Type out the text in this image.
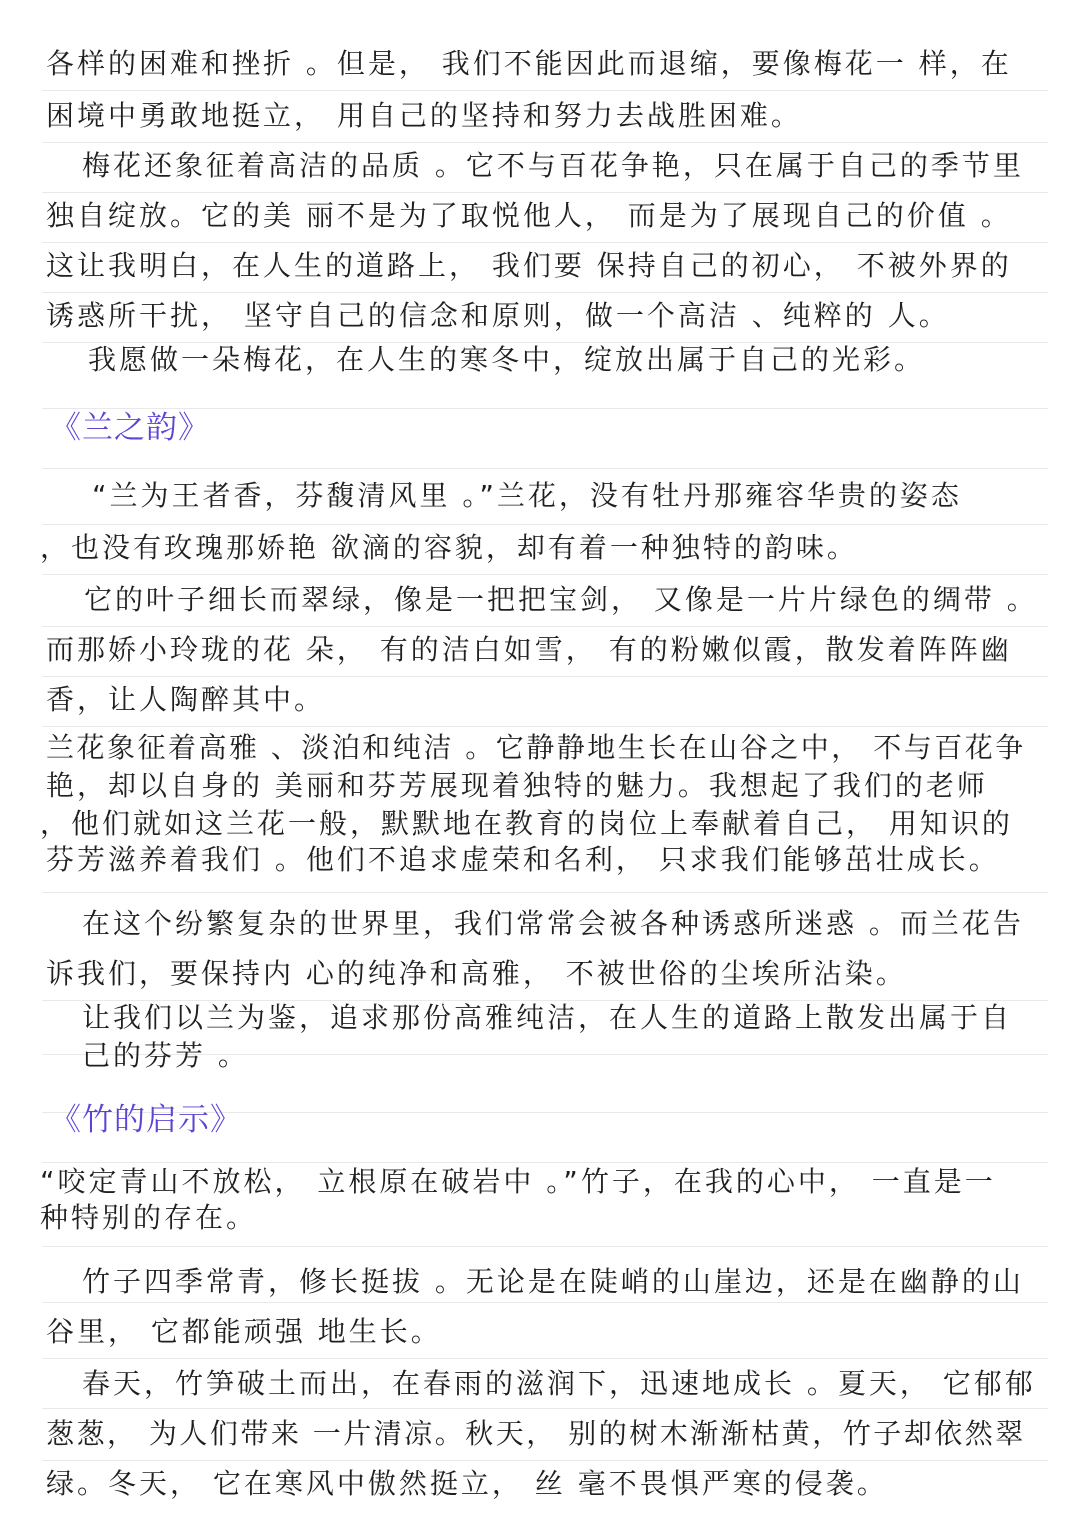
各样的困难和挫折 。但是， 我们不能因此而退缩，要像梅花一 样，在
困境中勇敢地挺立， 用自己的坚持和努力去战胜困难。
梅花还象征着高洁的品质 。它不与百花争艳，只在属于自己的季节里
独自绽放。它的美 丽不是为了取悦他人， 而是为了展现自己的价值 。
这让我明白，在人生的道路上， 我们要 保持自己的初心， 不被外界的
诱惑所干扰， 坚守自己的信念和原则，做一个高洁 、纯粹的 人。
我愿做一朵梅花，在人生的寒冬中，绽放出属于自己的光彩。
《兰之韵》
“兰为王者香，芬馥清风里 。”兰花，没有牡丹那雍容华贵的姿态
，也没有玫瑰那娇艳 欲滴的容貌，却有着一种独特的韵味。
它的叶子细长而翠绿，像是一把把宝剑， 又像是一片片绿色的绸带 。
而那娇小玲珑的花 朵， 有的洁白如雪， 有的粉嫩似霞，散发着阵阵幽
香，让人陶醉其中。
兰花象征着高雅 、淡泊和纯洁 。它静静地生长在山谷之中， 不与百花争
艳，却以自身的 美丽和芬芳展现着独特的魅力。我想起了我们的老师
，他们就如这兰花一般，默默地在教育的岗位上奉献着自己， 用知识的
芬芳滋养着我们 。他们不追求虚荣和名利， 只求我们能够茁壮成长。
在这个纷繁复杂的世界里，我们常常会被各种诱惑所迷惑 。而兰花告
诉我们，要保持内 心的纯净和高雅， 不被世俗的尘埃所沾染。
让我们以兰为鉴，追求那份高雅纯洁，在人生的道路上散发出属于自
己的芬芳 。
《竹的启示》
“咬定青山不放松， 立根原在破岩中 。”竹子，在我的心中， 一直是一
种特别的存在。
竹子四季常青，修长挺拔 。无论是在陡峭的山崖边，还是在幽静的山
谷里， 它都能顽强 地生长。
春天，竹笋破土而出，在春雨的滋润下，迅速地成长 。夏天， 它郁郁
葱葱， 为人们带来 一片清凉。秋天， 别的树木渐渐枯黄，竹子却依然翠
绿。冬天， 它在寒风中傲然挺立， 丝 毫不畏惧严寒的侵袭。
